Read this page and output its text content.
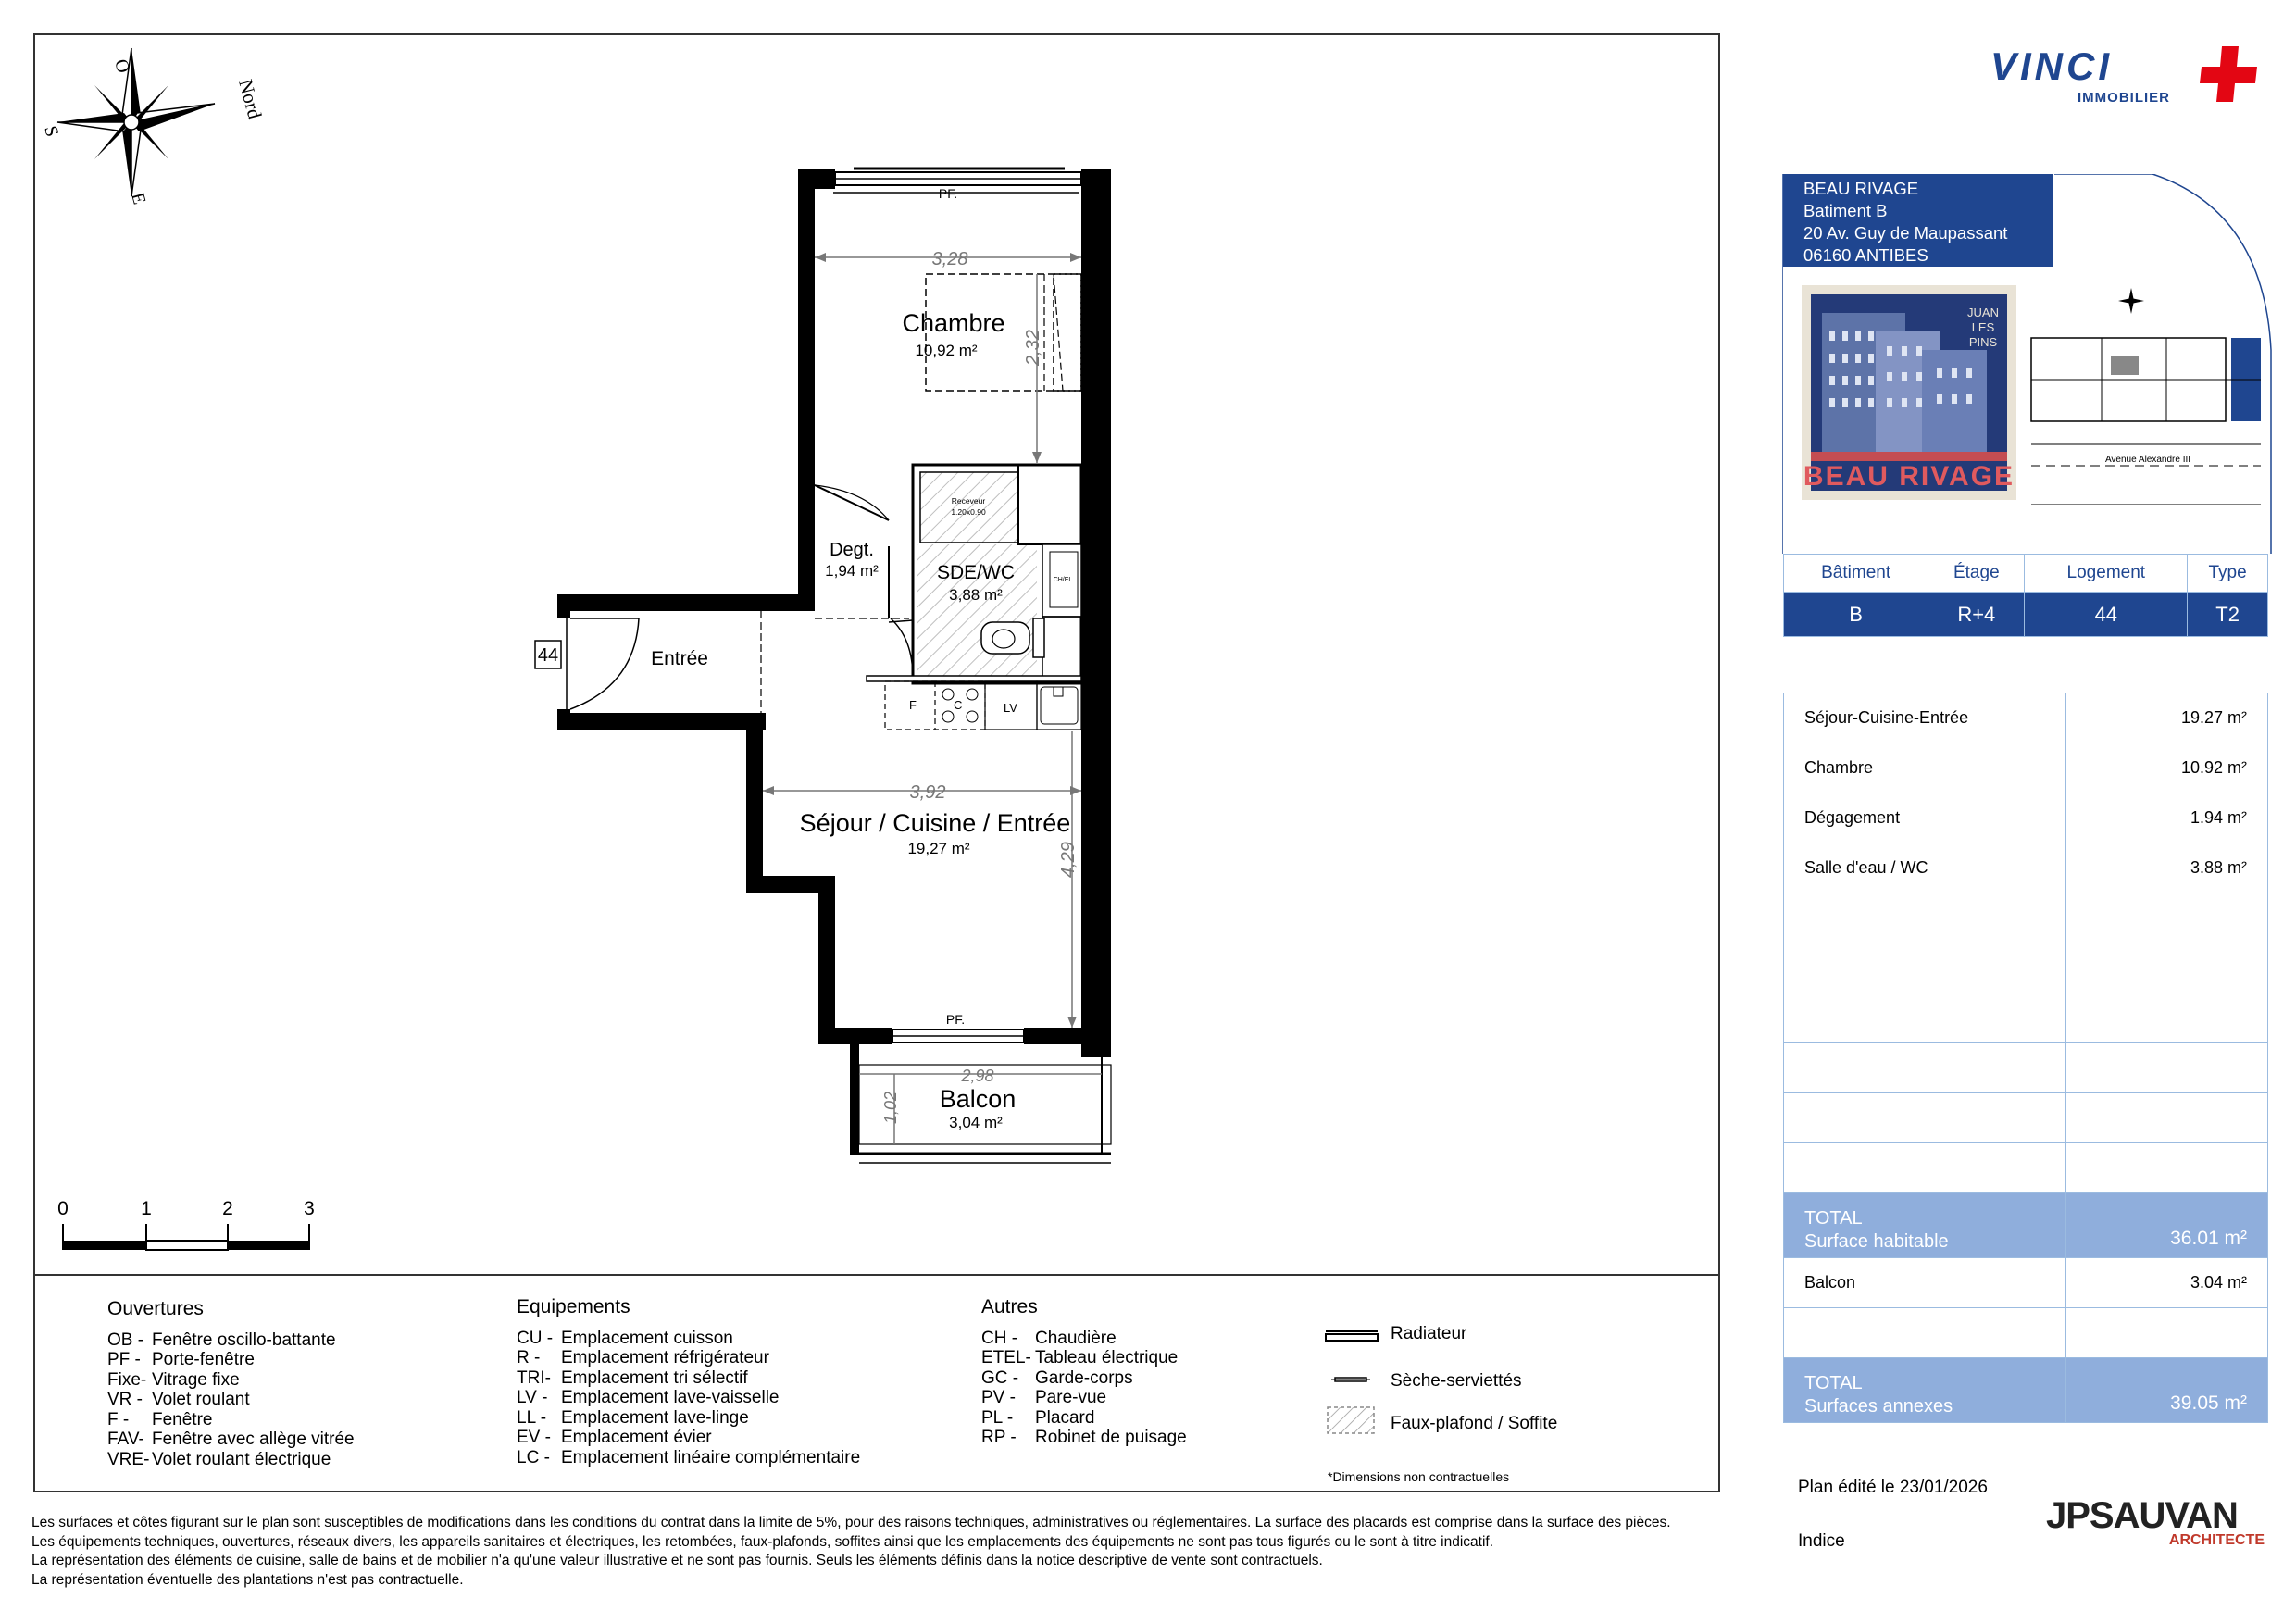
O
Nord
S
E	PF.
3,28
2,32
Chambre
10,92 m²
Receveur
1.20x0.90
CH/EL
SDE/WC
3,88 m²
Degt.
1,94 m²
44	Entrée
F	C	LV
3,92
4,29
Séjour / Cuisine / Entrée
19,27 m²
PF.
2,98
1,02 Balcon
3,04 m²
0	1	2	3
Ouvertures
OB - Fenêtre oscillo-battante
PF - Porte-fenêtre
Fixe- Vitrage fixe
VR - Volet roulant
F - Fenêtre
FAV- Fenêtre avec allège vitrée
VRE- Volet roulant électrique
Equipements
CU - Emplacement cuisson
R - Emplacement réfrigérateur
TRI- Emplacement tri sélectif
LV - Emplacement lave-vaisselle
LL - Emplacement lave-linge
EV - Emplacement évier
LC - Emplacement linéaire complémentaire
Autres
CH - Chaudière
ETEL- Tableau électrique
GC - Garde-corps
PV - Pare-vue
PL - Placard
RP - Robinet de puisage
Radiateur
Sèche-serviettés
Faux-plafond / Soffite
*Dimensions non contractuelles
Les surfaces et côtes figurant sur le plan sont susceptibles de modifications dans les conditions du contrat dans la limite de 5%, pour des raisons techniques, administratives ou réglementaires. La surface des placards est comprise dans la surface des pièces.
Les équipements techniques, ouvertures, réseaux divers, les appareils sanitaires et électriques, les retombées, faux-plafonds, soffites ainsi que les emplacements des équipements ne sont pas tous figurés ou le sont à titre indicatif.
La représentation des éléments de cuisine, salle de bains et de mobilier n'a qu'une valeur illustrative et ne sont pas fournis. Seuls les éléments définis dans la notice descriptive de vente sont contractuels.
La représentation éventuelle des plantations n'est pas contractuelle.
VINCI
IMMOBILIER
BEAU RIVAGE
Batiment B
20 Av. Guy de Maupassant
06160 ANTIBES
JUAN
LES
PINS
BEAU RIVAGE
Avenue Alexandre III
Bâtiment	Étage	Logement	Type
B	R+4	44	T2
Séjour-Cuisine-Entrée	19.27 m²
Chambre	10.92 m²
Dégagement	1.94 m²
Salle d'eau / WC	3.88 m²

TOTAL
Surface habitable	36.01 m²
Balcon	3.04 m²

TOTAL
Surfaces annexes	39.05 m²
Plan édité le 23/01/2026
Indice
JPSAUVAN
ARCHITECTE
